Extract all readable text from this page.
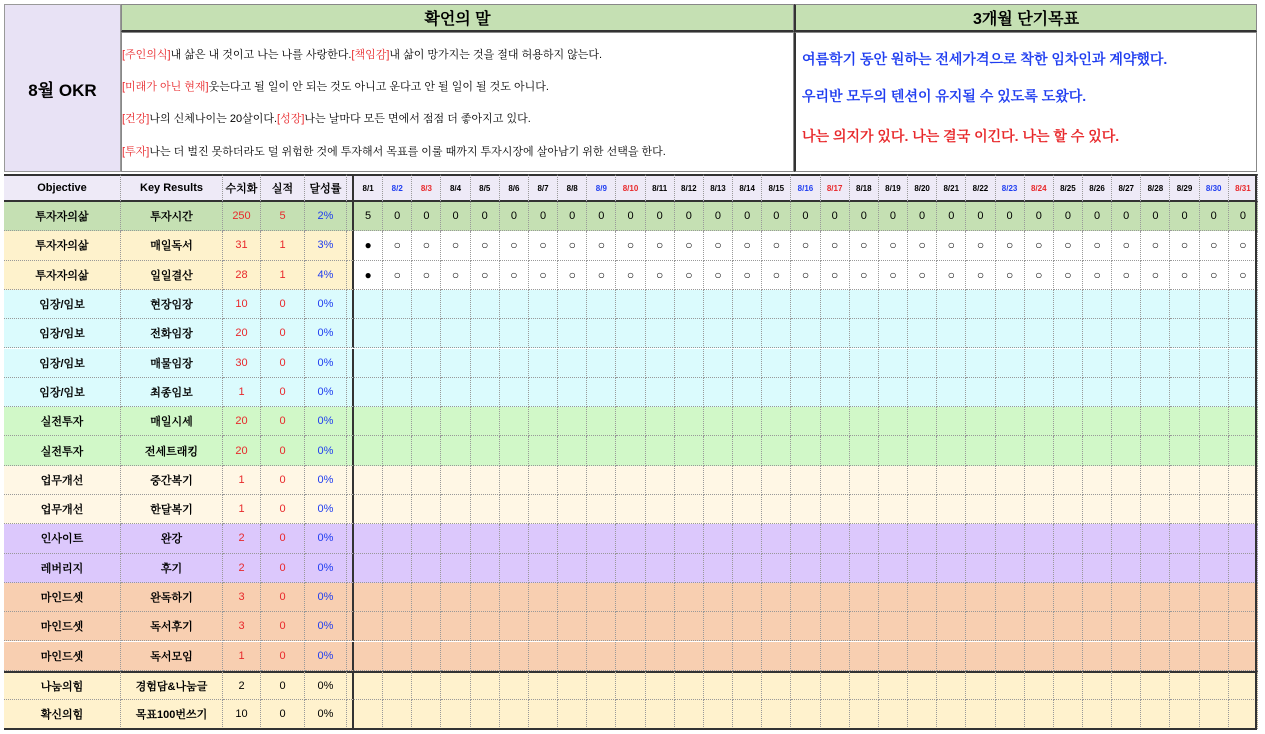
8월 OKR
확언의 말	3개월 단기목표
[주인의식] 내 삶은 내 것이고 나는 나를 사랑한다. [책임감] 내 삶이 망가지는 것을 절대 허용하지 않는다.
[미래가 아닌 현재] 웃는다고 될 일이 안 되는 것도 아니고 운다고 안 될 일이 될 것도 아니다.
[건강] 나의 신체나이는 20살이다. [성장] 나는 날마다 모든 면에서 점점 더 좋아지고 있다.
[투자] 나는 더 벌진 못하더라도 덜 위험한 것에 투자해서 목표를 이룰 때까지 투자시장에 살아남기 위한 선택을 한다.
여름학기 동안 원하는 전세가격으로 착한 임차인과 계약했다.
우리반 모두의 텐션이 유지될 수 있도록 도왔다.
나는 의지가 있다. 나는 결국 이긴다. 나는 할 수 있다.
Objective	Key Results	수치화	실적	달성률	8/1	8/2	8/3	8/4	8/5	8/6	8/7	8/8	8/9	8/10	8/11	8/12	8/13	8/14	8/15	8/16	8/17	8/18	8/19	8/20	8/21	8/22	8/23	8/24	8/25	8/26	8/27	8/28	8/29	8/30	8/31
투자자의삶	투자시간	250	5	2%	5	0	0	0	0	0	0	0	0	0	0	0	0	0	0	0	0	0	0	0	0	0	0	0	0	0	0	0	0	0	0
투자자의삶	매일독서	31	1	3%	●	○	○	○	○	○	○	○	○	○	○	○	○	○	○	○	○	○	○	○	○	○	○	○	○	○	○	○	○	○	○
투자자의삶	일일결산	28	1	4%	●	○	○	○	○	○	○	○	○	○	○	○	○	○	○	○	○	○	○	○	○	○	○	○	○	○	○	○	○	○	○
임장/임보	현장임장	10	0	0%
임장/임보	전화임장	20	0	0%
임장/임보	매물임장	30	0	0%
임장/임보	최종임보	1	0	0%
실전투자	매일시세	20	0	0%
실전투자	전세트래킹	20	0	0%
업무개선	중간복기	1	0	0%
업무개선	한달복기	1	0	0%
인사이트	완강	2	0	0%
레버리지	후기	2	0	0%
마인드셋	완독하기	3	0	0%
마인드셋	독서후기	3	0	0%
마인드셋	독서모임	1	0	0%
나눔의힘	경험담&나눔글	2	0	0%
확신의힘	목표100번쓰기	10	0	0%
